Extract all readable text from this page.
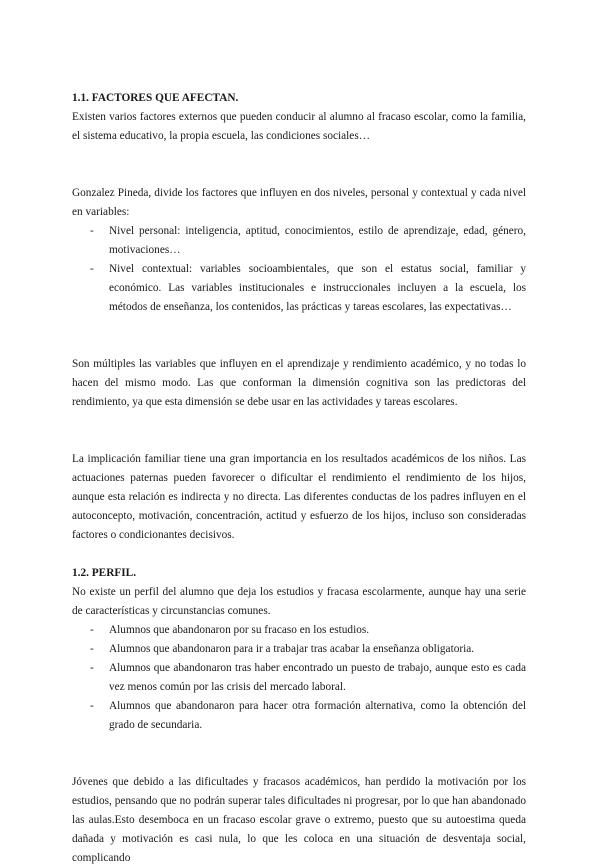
1.1. FACTORES QUE AFECTAN.

Existen varios factores externos que pueden conducir al alumno al fracaso escolar, como la familia, el sistema educativo, la propia escuela, las condiciones sociales…

Gonzalez Pineda, divide los factores que influyen en dos niveles, personal y contextual y cada nivel en variables:

- Nivel personal: inteligencia, aptitud, conocimientos, estilo de aprendizaje, edad, género, motivaciones…
- Nivel contextual: variables socioambientales, que son el estatus social, familiar y económico. Las variables institucionales e instruccionales incluyen a la escuela, los métodos de enseñanza, los contenidos, las prácticas y tareas escolares, las expectativas…

Son múltiples las variables que influyen en el aprendizaje y rendimiento académico, y no todas lo hacen del mismo modo. Las que conforman la dimensión cognitiva son las predictoras del rendimiento, ya que esta dimensión se debe usar en las actividades y tareas escolares.

La implicación familiar tiene una gran importancia en los resultados académicos de los niños. Las actuaciones paternas pueden favorecer o dificultar el rendimiento el rendimiento de los hijos, aunque esta relación es indirecta y no directa. Las diferentes conductas de los padres influyen en el autoconcepto, motivación, concentración, actitud y esfuerzo de los hijos, incluso son consideradas factores o condicionantes decisivos.

1.2. PERFIL.

No existe un perfil del alumno que deja los estudios y fracasa escolarmente, aunque hay una serie de características y circunstancias comunes.

- Alumnos que abandonaron por su fracaso en los estudios.
- Alumnos que abandonaron para ir a trabajar tras acabar la enseñanza obligatoria.
- Alumnos que abandonaron tras haber encontrado un puesto de trabajo, aunque esto es cada vez menos común por las crisis del mercado laboral.
- Alumnos que abandonaron para hacer otra formación alternativa, como la obtención del grado de secundaria.

Jóvenes que debido a las dificultades y fracasos académicos, han perdido la motivación por los estudios, pensando que no podrán superar tales dificultades ni progresar, por lo que han abandonado las aulas.Esto desemboca en un fracaso escolar grave o extremo, puesto que su autoestima queda dañada y motivación es casi nula, lo que les coloca en una situación de desventaja social, complicando
